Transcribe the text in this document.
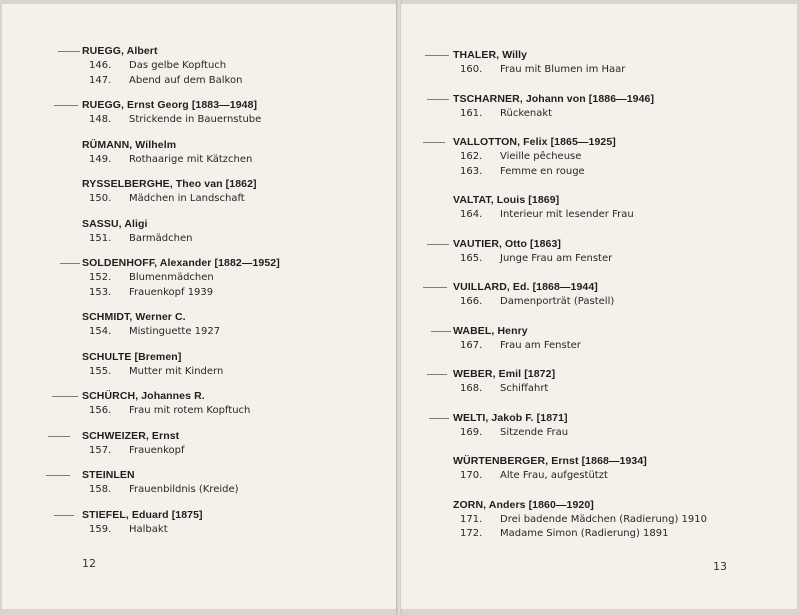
RUEGG, Albert
146. Das gelbe Kopftuch
147. Abend auf dem Balkon
RUEGG, Ernst Georg [1883—1948]
148. Strickende in Bauernstube
RÜMANN, Wilhelm
149. Rothaarige mit Kätzchen
RYSSELBERGHE, Theo van [1862]
150. Mädchen in Landschaft
SASSU, Aligi
151. Barmädchen
SOLDENHOFF, Alexander [1882—1952]
152. Blumenmädchen
153. Frauenkopf 1939
SCHMIDT, Werner C.
154. Mistinguette 1927
SCHULTE [Bremen]
155. Mutter mit Kindern
SCHÜRCH, Johannes R.
156. Frau mit rotem Kopftuch
SCHWEIZER, Ernst
157. Frauenkopf
STEINLEN
158. Frauenbildnis (Kreide)
STIEFEL, Eduard [1875]
159. Halbakt
12
THALER, Willy
160. Frau mit Blumen im Haar
TSCHARNER, Johann von [1886—1946]
161. Rückenakt
VALLOTTON, Felix [1865—1925]
162. Vieille pêcheuse
163. Femme en rouge
VALTAT, Louis [1869]
164. Interieur mit lesender Frau
VAUTIER, Otto [1863]
165. Junge Frau am Fenster
VUILLARD, Ed. [1868—1944]
166. Damenporträt (Pastell)
WABEL, Henry
167. Frau am Fenster
WEBER, Emil [1872]
168. Schiffahrt
WELTI, Jakob F. [1871]
169. Sitzende Frau
WÜRTENBERGER, Ernst [1868—1934]
170. Alte Frau, aufgestützt
ZORN, Anders [1860—1920]
171. Drei badende Mädchen (Radierung) 1910
172. Madame Simon (Radierung) 1891
13
